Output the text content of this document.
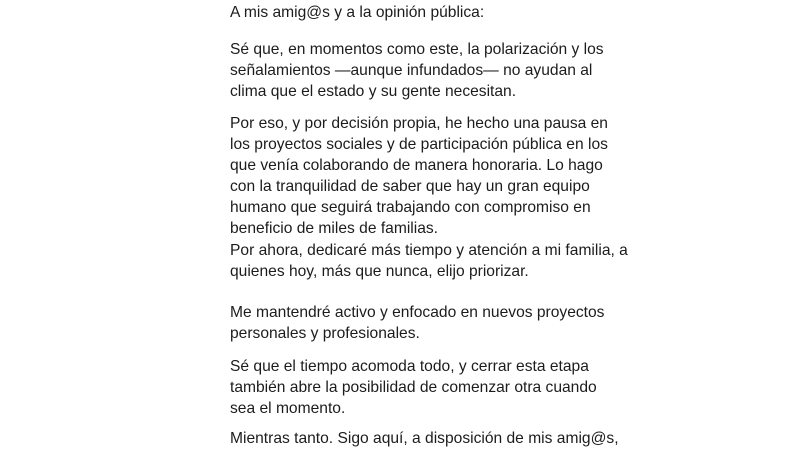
A mis amig@s y a la opinión pública:

Sé que, en momentos como este, la polarización y los
señalamientos —aunque infundados— no ayudan al
clima que el estado y su gente necesitan.

Por eso, y por decisión propia, he hecho una pausa en
los proyectos sociales y de participación pública en los
que venía colaborando de manera honoraria. Lo hago
con la tranquilidad de saber que hay un gran equipo
humano que seguirá trabajando con compromiso en
beneficio de miles de familias.

Por ahora, dedicaré más tiempo y atención a mi familia, a
quienes hoy, más que nunca, elijo priorizar.

Me mantendré activo y enfocado en nuevos proyectos
personales y profesionales.

Sé que el tiempo acomoda todo, y cerrar esta etapa
también abre la posibilidad de comenzar otra cuando
sea el momento.

Mientras tanto. Sigo aquí, a disposición de mis amig@s,
